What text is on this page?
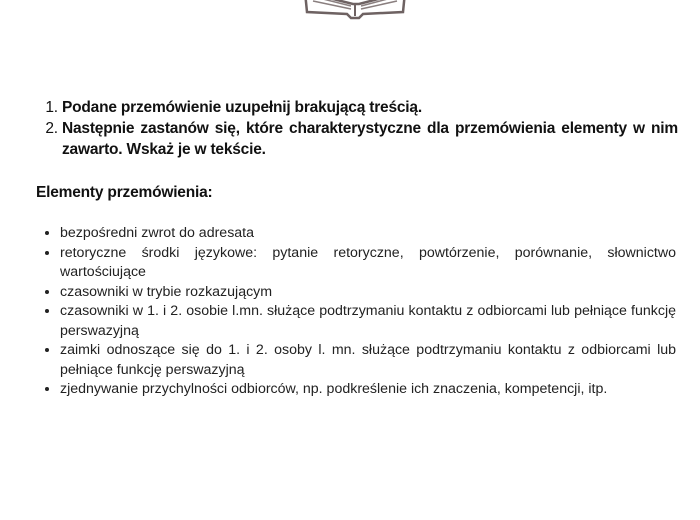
1. Podane przemówienie uzupełnij brakującą treścią.
2. Następnie zastanów się, które charakterystyczne dla przemówienia elementy w nim zawarto. Wskaż je w tekście.

Elementy przemówienia:

• bezpośredni zwrot do adresata
• retoryczne środki językowe: pytanie retoryczne, powtórzenie, porównanie, słownictwo wartościujące
• czasowniki w trybie rozkazującym
• czasowniki w 1. i 2. osobie l.mn. służące podtrzymaniu kontaktu z odbiorcami lub pełniące funkcję perswazyjną
• zaimki odnoszące się do 1. i 2. osoby l. mn. służące podtrzymaniu kontaktu z odbiorcami lub pełniące funkcję perswazyjną
• zjednywanie przychylności odbiorców, np. podkreślenie ich znaczenia, kompetencji, itp.
